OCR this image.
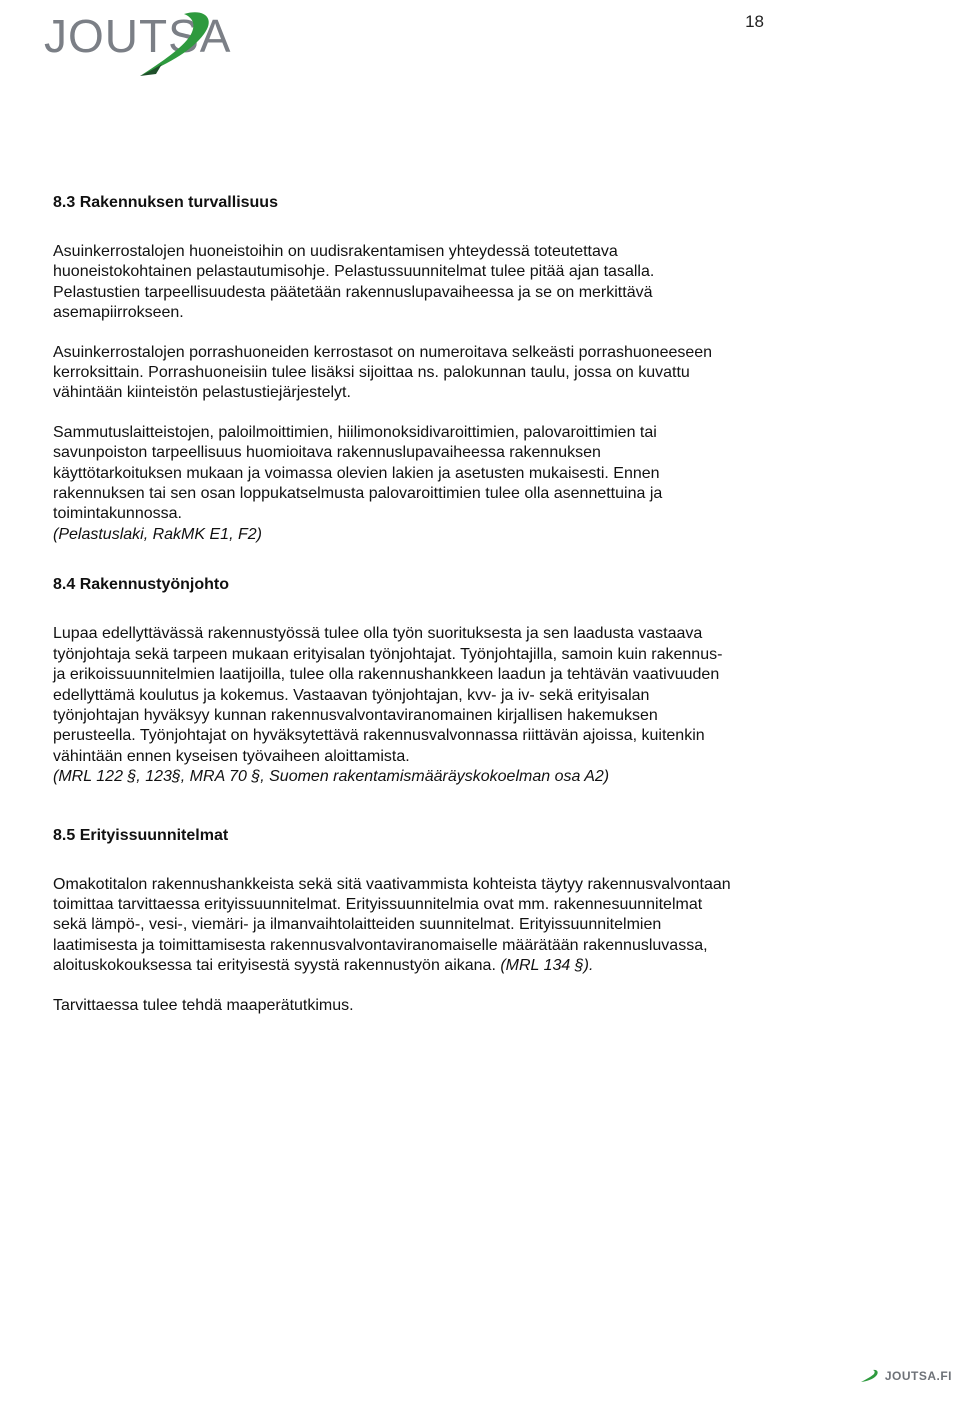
JOUTSA	18
8.3 Rakennuksen turvallisuus

Asuinkerrostalojen huoneistoihin on uudisrakentamisen yhteydessä toteutettava huoneistokohtainen pelastautumisohje. Pelastussuunnitelmat tulee pitää ajan tasalla. Pelastustien tarpeellisuudesta päätetään rakennuslupavaiheessa ja se on merkittävä asemapiirrokseen.

Asuinkerrostalojen porrashuoneiden kerrostasot on numeroitava selkeästi porrashuoneeseen kerroksittain. Porrashuoneisiin tulee lisäksi sijoittaa ns. palokunnan taulu, jossa on kuvattu vähintään kiinteistön pelastustiejärjestelyt.

Sammutuslaitteistojen, paloilmoittimien, hiilimonoksidivaroittimien, palovaroittimien tai savunpoiston tarpeellisuus huomioitava rakennuslupavaiheessa rakennuksen käyttötarkoituksen mukaan ja voimassa olevien lakien ja asetusten mukaisesti. Ennen rakennuksen tai sen osan loppukatselmusta palovaroittimien tulee olla asennettuina ja toimintakunnossa.

(Pelastuslaki, RakMK E1, F2)
8.4 Rakennustyönjohto

Lupaa edellyttävässä rakennustyössä tulee olla työn suorituksesta ja sen laadusta vastaava työnjohtaja sekä tarpeen mukaan erityisalan työnjohtajat. Työnjohtajilla, samoin kuin rakennus- ja erikoissuunnitelmien laatijoilla, tulee olla rakennushankkeen laadun ja tehtävän vaativuuden edellyttämä koulutus ja kokemus. Vastaavan työnjohtajan, kvv- ja iv- sekä erityisalan työnjohtajan hyväksyy kunnan rakennusvalvontaviranomainen kirjallisen hakemuksen perusteella. Työnjohtajat on hyväksytettävä rakennusvalvonnassa riittävän ajoissa, kuitenkin vähintään ennen kyseisen työvaiheen aloittamista.

(MRL 122 §, 123§, MRA 70 §, Suomen rakentamismääräyskokoelman osa A2)
8.5 Erityissuunnitelmat

Omakotitalon rakennushankkeista sekä sitä vaativammista kohteista täytyy rakennusvalvontaan toimittaa tarvittaessa erityissuunnitelmat. Erityissuunnitelmia ovat mm. rakennesuunnitelmat sekä lämpö-, vesi-, viemäri- ja ilmanvaihtolaitteiden suunnitelmat. Erityissuunnitelmien laatimisesta ja toimittamisesta rakennusvalvontaviranomaiselle määrätään rakennusluvassa, aloituskokouksessa tai erityisestä syystä rakennustyön aikana. (MRL 134 §).

Tarvittaessa tulee tehdä maaperätutkimus.

JOUTSA.FI
